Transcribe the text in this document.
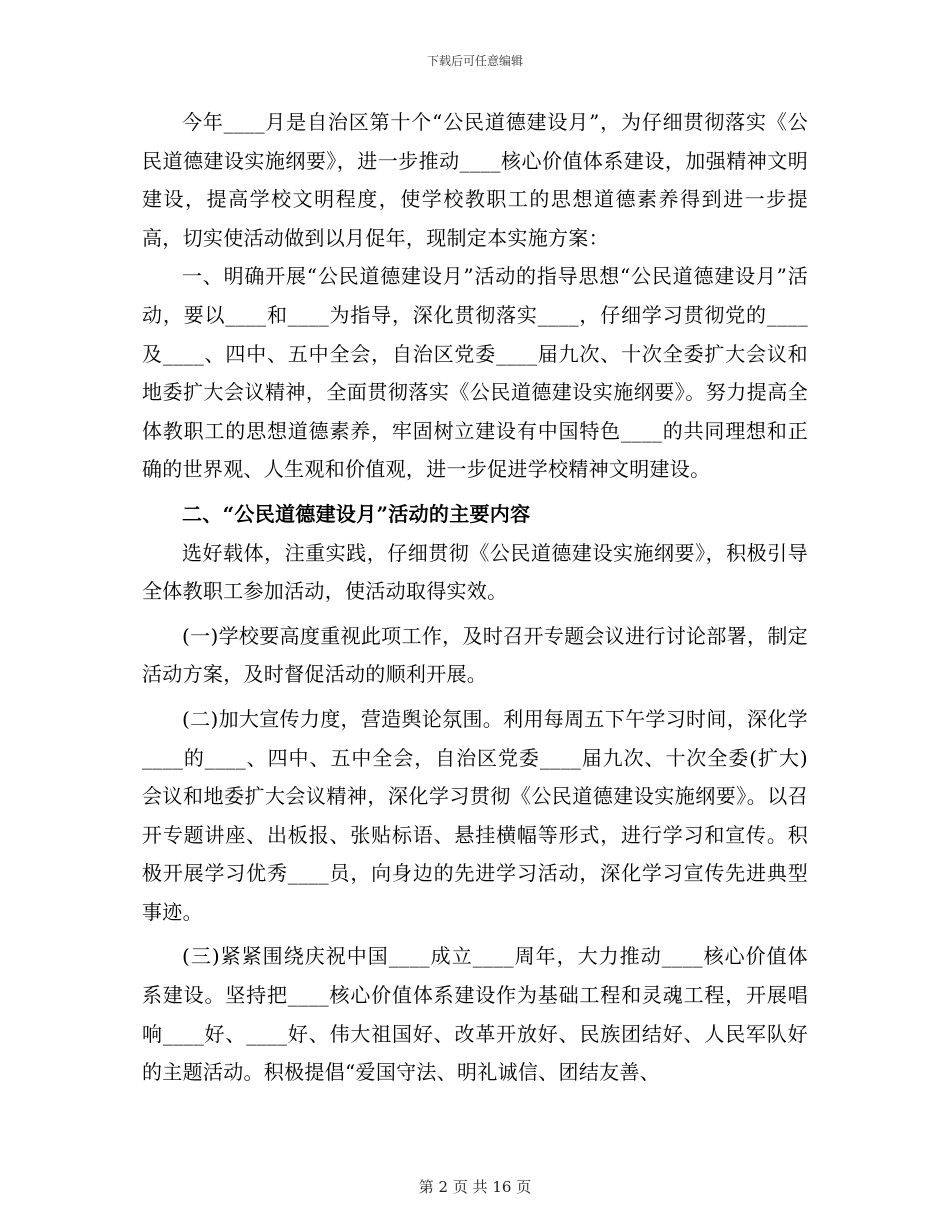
下载后可任意编辑

今年____月是自治区第十个“公民道德建设月”，为仔细贯彻落实《公民道德建设实施纲要》，进一步推动____核心价值体系建设，加强精神文明建设，提高学校文明程度，使学校教职工的思想道德素养得到进一步提高，切实使活动做到以月促年，现制定本实施方案：

一、明确开展“公民道德建设月”活动的指导思想“公民道德建设月”活动，要以____和____为指导，深化贯彻落实____，仔细学习贯彻党的____及____、四中、五中全会，自治区党委____届九次、十次全委扩大会议和地委扩大会议精神，全面贯彻落实《公民道德建设实施纲要》。努力提高全体教职工的思想道德素养，牢固树立建设有中国特色____的共同理想和正确的世界观、人生观和价值观，进一步促进学校精神文明建设。

二、“公民道德建设月”活动的主要内容

选好载体，注重实践，仔细贯彻《公民道德建设实施纲要》，积极引导全体教职工参加活动，使活动取得实效。

(一)学校要高度重视此项工作，及时召开专题会议进行讨论部署，制定活动方案，及时督促活动的顺利开展。

(二)加大宣传力度，营造舆论氛围。利用每周五下午学习时间，深化学____的____、四中、五中全会，自治区党委____届九次、十次全委(扩大)会议和地委扩大会议精神，深化学习贯彻《公民道德建设实施纲要》。以召开专题讲座、出板报、张贴标语、悬挂横幅等形式，进行学习和宣传。积极开展学习优秀____员，向身边的先进学习活动，深化学习宣传先进典型事迹。

(三)紧紧围绕庆祝中国____成立____周年，大力推动____核心价值体系建设。坚持把____核心价值体系建设作为基础工程和灵魂工程，开展唱响____好、____好、伟大祖国好、改革开放好、民族团结好、人民军队好的主题活动。积极提倡“爱国守法、明礼诚信、团结友善、

第 2 页 共 16 页
